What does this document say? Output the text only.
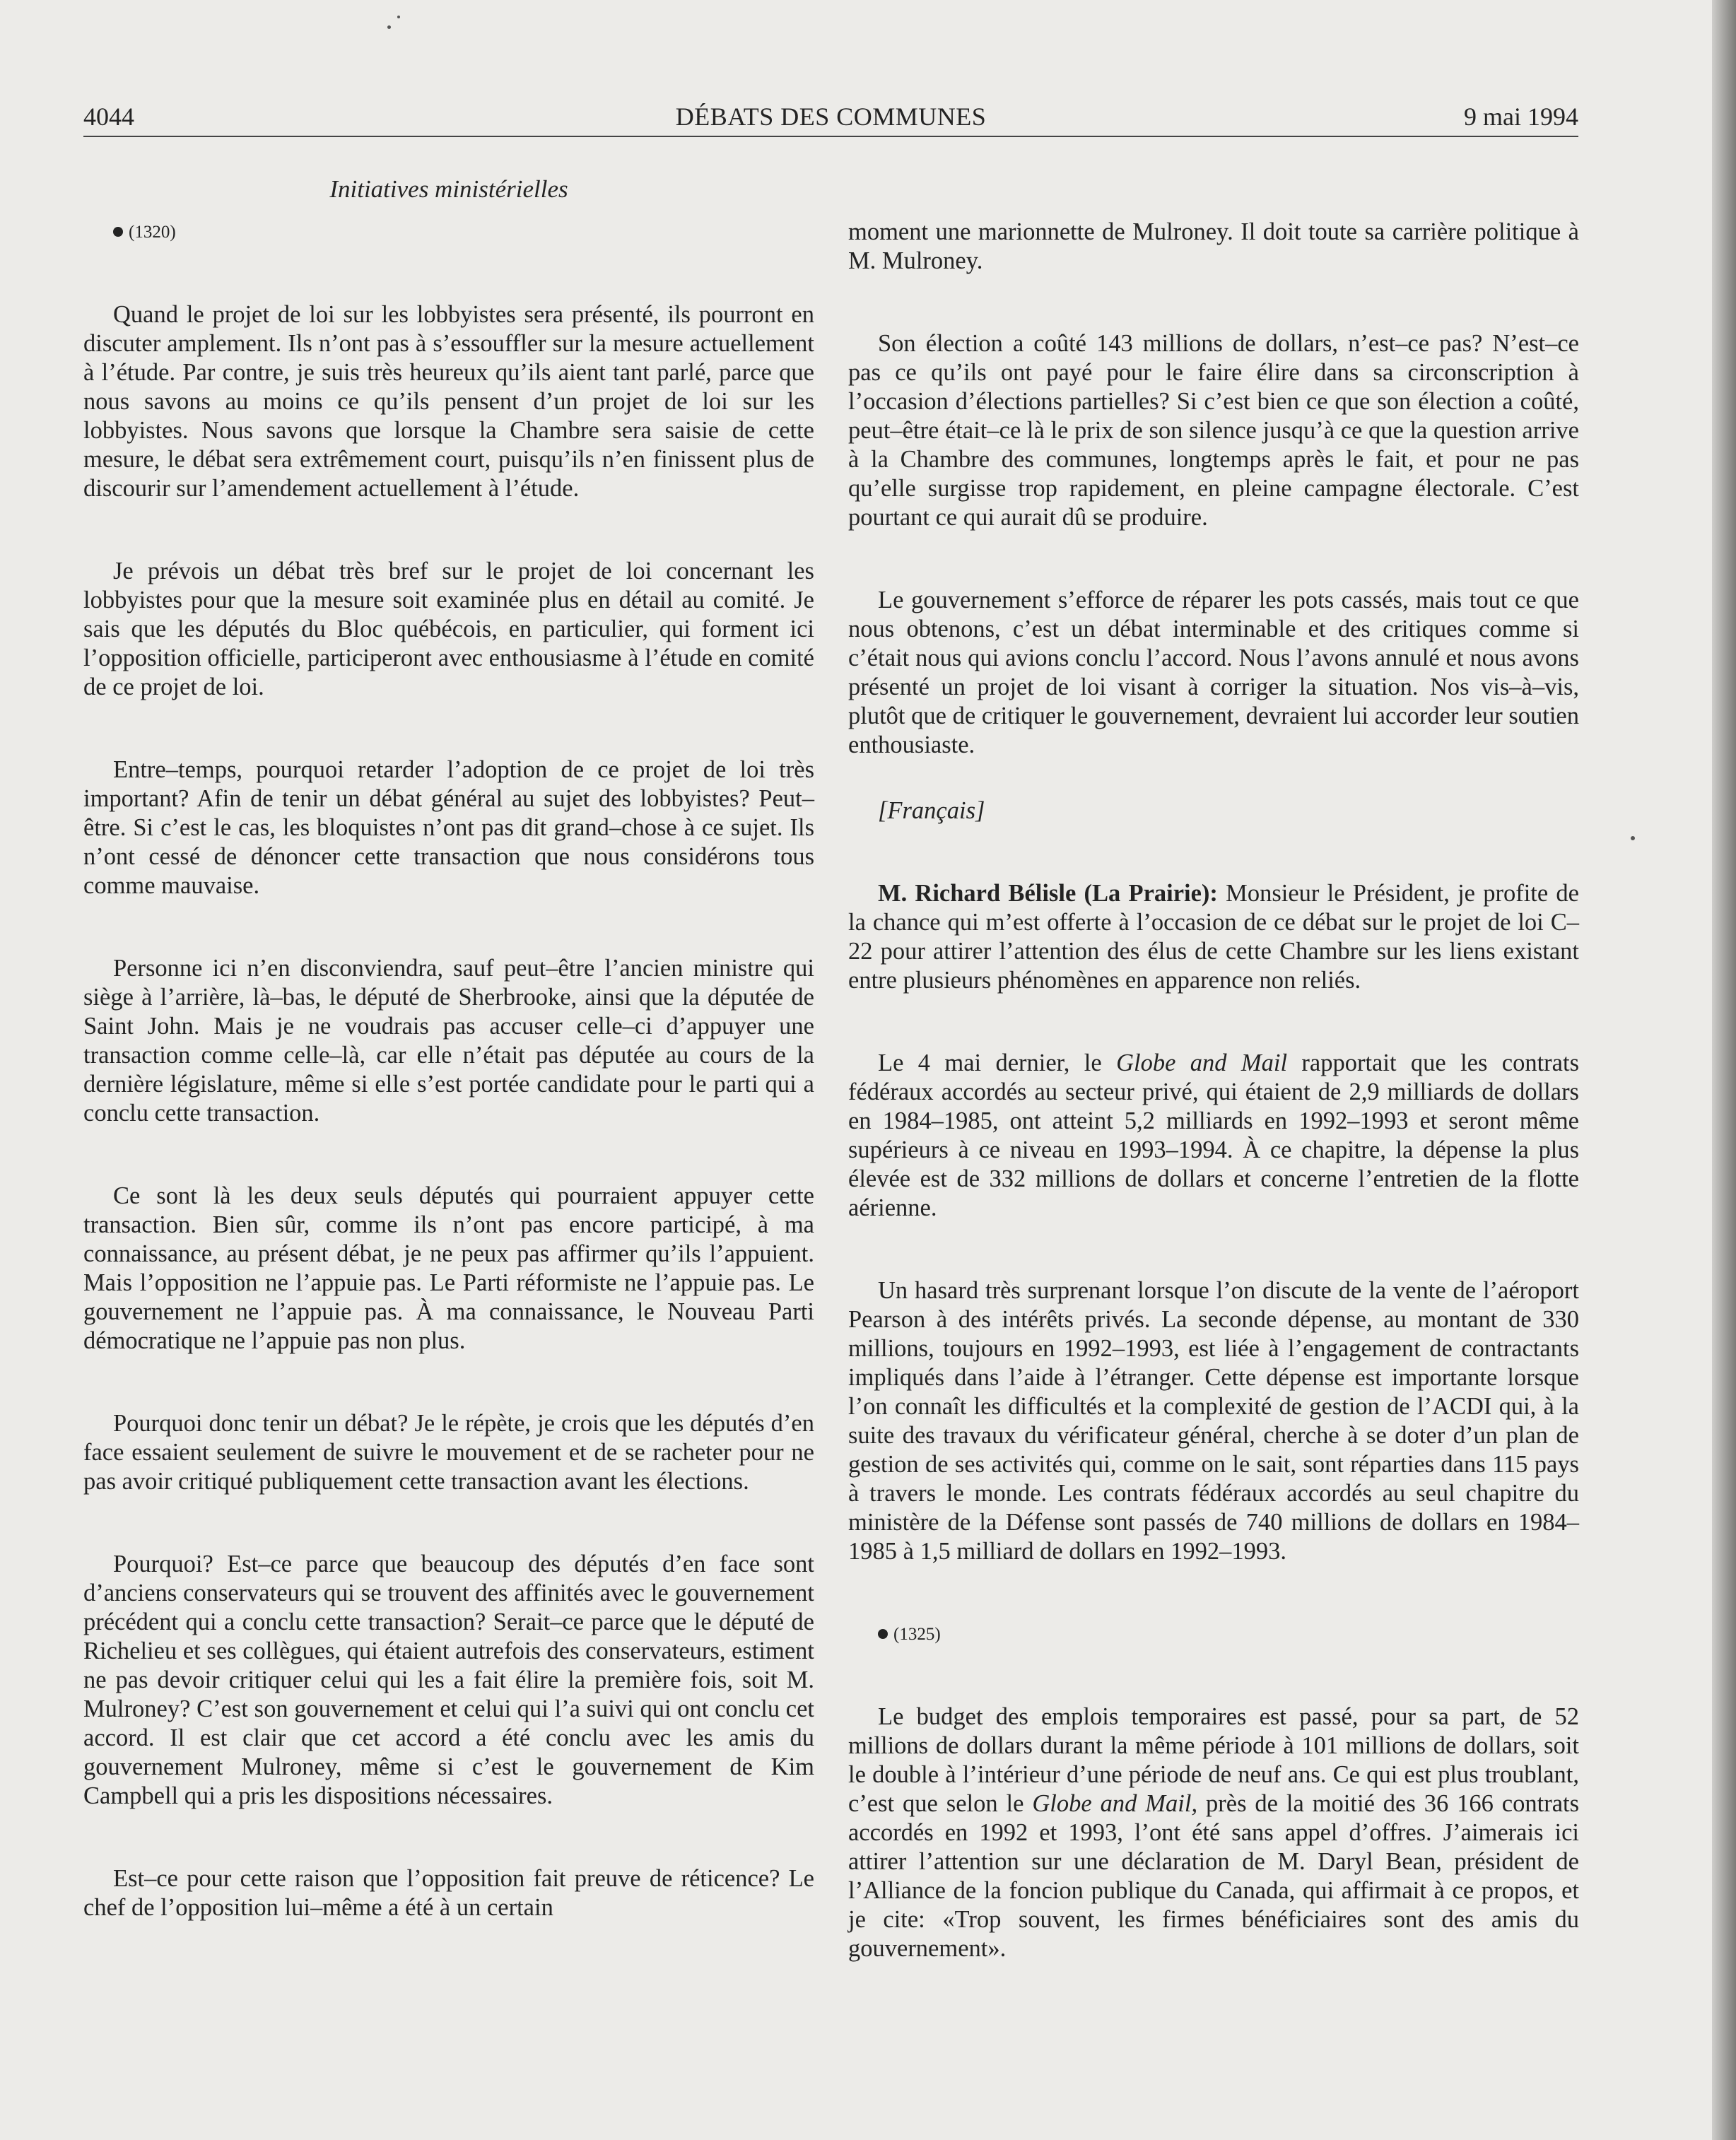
DÉBATS DES COMMUNES
4044	9 mai 1994
Initiatives ministérielles

(1320)

Quand le projet de loi sur les lobbyistes sera présenté, ils pourront en discuter amplement. Ils n’ont pas à s’essouffler sur la mesure actuellement à l’étude. Par contre, je suis très heureux qu’ils aient tant parlé, parce que nous savons au moins ce qu’ils pensent d’un projet de loi sur les lobbyistes. Nous savons que lorsque la Chambre sera saisie de cette mesure, le débat sera extrêmement court, puisqu’ils n’en finissent plus de discourir sur l’amendement actuellement à l’étude.

Je prévois un débat très bref sur le projet de loi concernant les lobbyistes pour que la mesure soit examinée plus en détail au comité. Je sais que les députés du Bloc québécois, en particulier, qui forment ici l’opposition officielle, participeront avec enthousiasme à l’étude en comité de ce projet de loi.

Entre–temps, pourquoi retarder l’adoption de ce projet de loi très important? Afin de tenir un débat général au sujet des lobbyistes? Peut–être. Si c’est le cas, les bloquistes n’ont pas dit grand–chose à ce sujet. Ils n’ont cessé de dénoncer cette transaction que nous considérons tous comme mauvaise.

Personne ici n’en disconviendra, sauf peut–être l’ancien ministre qui siège à l’arrière, là–bas, le député de Sherbrooke, ainsi que la députée de Saint John. Mais je ne voudrais pas accuser celle–ci d’appuyer une transaction comme celle–là, car elle n’était pas députée au cours de la dernière législature, même si elle s’est portée candidate pour le parti qui a conclu cette transaction.

Ce sont là les deux seuls députés qui pourraient appuyer cette transaction. Bien sûr, comme ils n’ont pas encore participé, à ma connaissance, au présent débat, je ne peux pas affirmer qu’ils l’appuient. Mais l’opposition ne l’appuie pas. Le Parti réformiste ne l’appuie pas. Le gouvernement ne l’appuie pas. À ma connaissance, le Nouveau Parti démocratique ne l’appuie pas non plus.

Pourquoi donc tenir un débat? Je le répète, je crois que les députés d’en face essaient seulement de suivre le mouvement et de se racheter pour ne pas avoir critiqué publiquement cette transaction avant les élections.

Pourquoi? Est–ce parce que beaucoup des députés d’en face sont d’anciens conservateurs qui se trouvent des affinités avec le gouvernement précédent qui a conclu cette transaction? Serait–ce parce que le député de Richelieu et ses collègues, qui étaient autrefois des conservateurs, estiment ne pas devoir critiquer celui qui les a fait élire la première fois, soit M. Mulroney? C’est son gouvernement et celui qui l’a suivi qui ont conclu cet accord. Il est clair que cet accord a été conclu avec les amis du gouvernement Mulroney, même si c’est le gouvernement de Kim Campbell qui a pris les dispositions nécessaires.

Est–ce pour cette raison que l’opposition fait preuve de réticence? Le chef de l’opposition lui–même a été à un certain

moment une marionnette de Mulroney. Il doit toute sa carrière politique à M. Mulroney.

Son élection a coûté 143 millions de dollars, n’est–ce pas? N’est–ce pas ce qu’ils ont payé pour le faire élire dans sa circonscription à l’occasion d’élections partielles? Si c’est bien ce que son élection a coûté, peut–être était–ce là le prix de son silence jusqu’à ce que la question arrive à la Chambre des communes, longtemps après le fait, et pour ne pas qu’elle surgisse trop rapidement, en pleine campagne électorale. C’est pourtant ce qui aurait dû se produire.

Le gouvernement s’efforce de réparer les pots cassés, mais tout ce que nous obtenons, c’est un débat interminable et des critiques comme si c’était nous qui avions conclu l’accord. Nous l’avons annulé et nous avons présenté un projet de loi visant à corriger la situation. Nos vis–à–vis, plutôt que de critiquer le gouvernement, devraient lui accorder leur soutien enthousiaste.

[Français]

M. Richard Bélisle (La Prairie): Monsieur le Président, je profite de la chance qui m’est offerte à l’occasion de ce débat sur le projet de loi C–22 pour attirer l’attention des élus de cette Chambre sur les liens existant entre plusieurs phénomènes en apparence non reliés.

Le 4 mai dernier, le Globe and Mail rapportait que les contrats fédéraux accordés au secteur privé, qui étaient de 2,9 milliards de dollars en 1984–1985, ont atteint 5,2 milliards en 1992–1993 et seront même supérieurs à ce niveau en 1993–1994. À ce chapitre, la dépense la plus élevée est de 332 millions de dollars et concerne l’entretien de la flotte aérienne.

Un hasard très surprenant lorsque l’on discute de la vente de l’aéroport Pearson à des intérêts privés. La seconde dépense, au montant de 330 millions, toujours en 1992–1993, est liée à l’engagement de contractants impliqués dans l’aide à l’étranger. Cette dépense est importante lorsque l’on connaît les difficultés et la complexité de gestion de l’ACDI qui, à la suite des travaux du vérificateur général, cherche à se doter d’un plan de gestion de ses activités qui, comme on le sait, sont réparties dans 115 pays à travers le monde. Les contrats fédéraux accordés au seul chapitre du ministère de la Défense sont passés de 740 millions de dollars en 1984–1985 à 1,5 milliard de dollars en 1992–1993.

(1325)

Le budget des emplois temporaires est passé, pour sa part, de 52 millions de dollars durant la même période à 101 millions de dollars, soit le double à l’intérieur d’une période de neuf ans. Ce qui est plus troublant, c’est que selon le Globe and Mail, près de la moitié des 36 166 contrats accordés en 1992 et 1993, l’ont été sans appel d’offres. J’aimerais ici attirer l’attention sur une déclaration de M. Daryl Bean, président de l’Alliance de la foncion publique du Canada, qui affirmait à ce propos, et je cite: «Trop souvent, les firmes bénéficiaires sont des amis du gouvernement».
